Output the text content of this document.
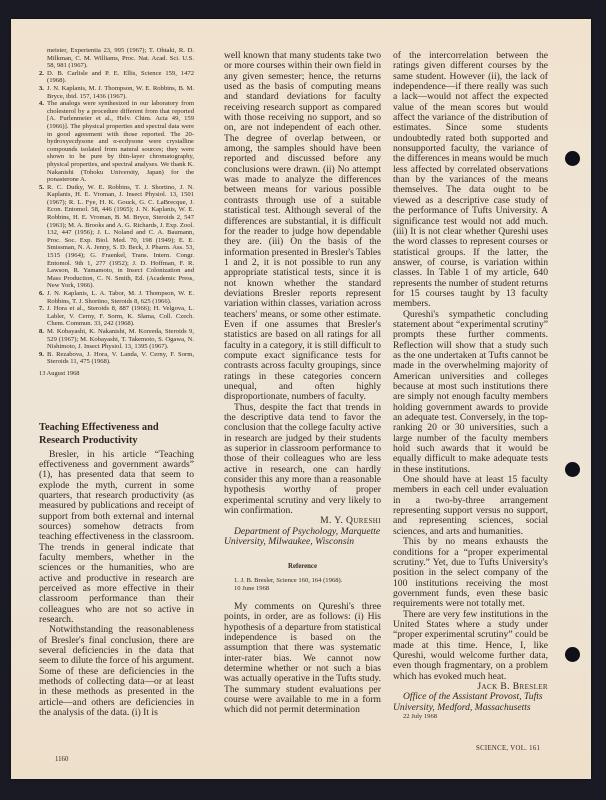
meister, Experientia 23, 995 (1967); T. Ohtaki, R. D. Milkman, C. M. Williams, Proc. Nat. Acad. Sci. U.S. 58, 981 (1967).

2. D. B. Carlisle and P. E. Ellis, Science 159, 1472 (1968).

3. J. N. Kaplanis, M. J. Thompson, W. E. Robbins, B. M. Bryce, ibid. 157, 1436 (1967).

4. The analogs were synthesized in our laboratory from cholesterol by a procedure different from that reported [A. Furlenmeier et al., Helv. Chim. Acta 49, 159 (1966)]. The physical properties and spectral data were in good agreement with those reported. The 20-hydroxyecdysone and α-ecdysone were crystalline compounds isolated from natural sources; they were shown to be pure by thin-layer chromatography, physical properties, and spectral analyses. We thank K. Nakanishi (Tohoku University, Japan) for the ponasterone A.

5. R. C. Dutky, W. E. Robbins, T. J. Shortino, J. N. Kaplanis, H. E. Vroman, J. Insect Physiol. 13, 1501 (1967); R. L. Fye, H. K. Gouck, G. C. LaBrecque, J. Econ. Entomol. 58, 446 (1965); J. N. Kaplanis, W. E. Robbins, H. E. Vroman, B. M. Bryce, Steroids 2, 547 (1963); M. A. Brooks and A. G. Richards, J. Exp. Zool. 132, 447 (1956); J. L. Noland and C. A. Baumann, Proc. Soc. Exp. Biol. Med. 70, 198 (1949); E. E. Smissman, N. A. Jenny, S. D. Beck, J. Pharm. Ass. 53, 1515 (1964); G. Fraenkel, Trans. Intern. Congr. Entomol. 9th 1, 277 (1952); J. D. Hoffman, F. R. Lawson, R. Yamamoto, in Insect Colonization and Mass Production, C. N. Smith, Ed. (Academic Press, New York, 1966).

6. J. N. Kaplanis, L. A. Tabor, M. J. Thompson, W. E. Robbins, T. J. Shortino, Steroids 8, 625 (1966).

7. J. Hora et al., Steroids 8, 887 (1966); H. Velgova, L. Labler, V. Cerny, F. Sorm, K. Slama, Coll. Czech. Chem. Commun. 33, 242 (1968).

8. M. Kobayashi, K. Nakanishi, M. Koreeda, Steroids 9, 529 (1967); M. Kobayashi, T. Takemoto, S. Ogawa, N. Nishimoto, J. Insect Physiol. 13, 1395 (1967).

9. B. Rezabova, J. Hora, V. Landa, V. Cerny, F. Sorm, Steroids 11, 475 (1968).

13 August 1968
Teaching Effectiveness and Research Productivity

Bresler, in his article “Teaching effectiveness and government awards” (1), has presented data that seem to explode the myth, current in some quarters, that research productivity (as measured by publications and receipt of support from both external and internal sources) somehow detracts from teaching effectiveness in the classroom. The trends in general indicate that faculty members, whether in the sciences or the humanities, who are active and productive in research are perceived as more effective in their classroom performance than their colleagues who are not so active in research.

Notwithstanding the reasonableness of Bresler's final conclusion, there are several deficiencies in the data that seem to dilute the force of his argument. Some of these are deficiencies in the methods of collecting data—or at least in these methods as presented in the article—and others are deficiencies in the analysis of the data. (i) It is

well known that many students take two or more courses within their own field in any given semester; hence, the returns used as the basis of computing means and standard deviations for faculty receiving research support as compared with those receiving no support, and so on, are not independent of each other. The degree of overlap between, or among, the samples should have been reported and discussed before any conclusions were drawn. (ii) No attempt was made to analyze the differences between means for various possible contrasts through use of a suitable statistical test. Although several of the differences are substantial, it is difficult for the reader to judge how dependable they are. (iii) On the basis of the information presented in Bresler's Tables 1 and 2, it is not possible to run any appropriate statistical tests, since it is not known whether the standard deviations Bresler reports represent variation within classes, variation across teachers' means, or some other estimate. Even if one assumes that Bresler's statistics are based on all ratings for all faculty in a category, it is still difficult to compute exact significance tests for contrasts across faculty groupings, since ratings in these categories concern unequal, and often highly disproportionate, numbers of faculty.

Thus, despite the fact that trends in the descriptive data tend to favor the conclusion that the college faculty active in research are judged by their students as superior in classroom performance to those of their colleagues who are less active in research, one can hardly consider this any more than a reasonable hypothesis worthy of proper experimental scrutiny and very likely to win confirmation.

M. Y. Qureshi

Department of Psychology, Marquette University, Milwaukee, Wisconsin

Reference

1. J. B. Bresler, Science 160, 164 (1968).

10 June 1968

My comments on Qureshi's three points, in order, are as follows: (i) His hypothesis of a departure from statistical independence is based on the assumption that there was systematic inter-rater bias. We cannot now determine whether or not such a bias was actually operative in the Tufts study. The summary student evaluations per course were available to me in a form which did not permit determination

of the intercorrelation between the ratings given different courses by the same student. However (ii), the lack of independence—if there really was such a lack—would not affect the expected value of the mean scores but would affect the variance of the distribution of estimates. Since some students undoubtedly rated both supported and nonsupported faculty, the variance of the differences in means would be much less affected by correlated observations than by the variances of the means themselves. The data ought to be viewed as a descriptive case study of the performance of Tufts University. A significance test would not add much. (iii) It is not clear whether Qureshi uses the word classes to represent courses or statistical groups. If the latter, the answer, of course, is variation within classes. In Table 1 of my article, 640 represents the number of student returns for 15 courses taught by 13 faculty members.

Qureshi's sympathetic concluding statement about “experimental scrutiny” prompts these further comments. Reflection will show that a study such as the one undertaken at Tufts cannot be made in the overwhelming majority of American universities and colleges because at most such institutions there are simply not enough faculty members holding government awards to provide an adequate test. Conversely, in the top-ranking 20 or 30 universities, such a large number of the faculty members hold such awards that it would be equally difficult to make adequate tests in these institutions.

One should have at least 15 faculty members in each cell under evaluation in a two-by-three arrangement representing support versus no support, and representing sciences, social sciences, and arts and humanities.

This by no means exhausts the conditions for a “proper experimental scrutiny.” Yet, due to Tufts University's position in the select company of the 100 institutions receiving the most government funds, even these basic requirements were not totally met.

There are very few institutions in the United States where a study under “proper experimental scrutiny” could be made at this time. Hence, I, like Qureshi, would welcome further data, even though fragmentary, on a problem which has evoked much heat.

Jack B. Bresler

Office of the Assistant Provost, Tufts University, Medford, Massachusetts

22 July 1968

1160
SCIENCE, VOL. 161
